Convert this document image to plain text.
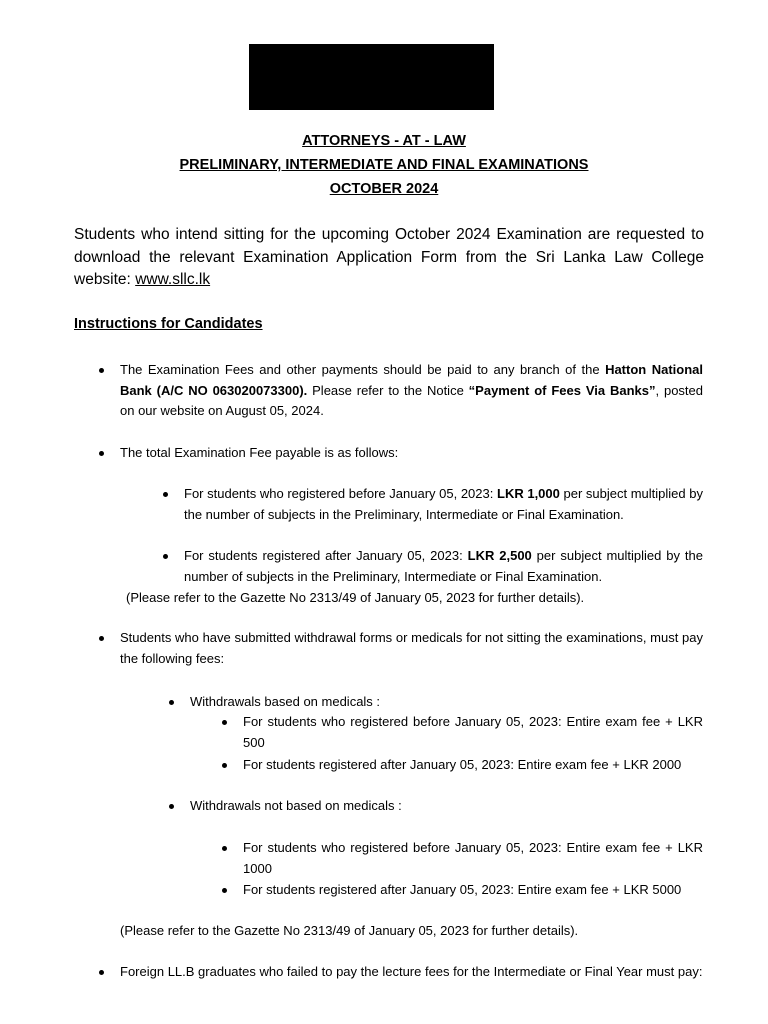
ATTORNEYS - AT - LAW
PRELIMINARY, INTERMEDIATE AND FINAL EXAMINATIONS
OCTOBER 2024
Students who intend sitting for the upcoming October 2024 Examination are requested to download the relevant Examination Application Form from the Sri Lanka Law College website: www.sllc.lk
Instructions for Candidates
The Examination Fees and other payments should be paid to any branch of the Hatton National Bank (A/C NO 063020073300). Please refer to the Notice “Payment of Fees Via Banks”, posted on our website on August 05, 2024.
The total Examination Fee payable is as follows:
For students who registered before January 05, 2023: LKR 1,000 per subject multiplied by the number of subjects in the Preliminary, Intermediate or Final Examination.
For students registered after January 05, 2023: LKR 2,500 per subject multiplied by the number of subjects in the Preliminary, Intermediate or Final Examination.
(Please refer to the Gazette No 2313/49 of January 05, 2023 for further details).
Students who have submitted withdrawal forms or medicals for not sitting the examinations, must pay the following fees:
Withdrawals based on medicals :
For students who registered before January 05, 2023: Entire exam fee + LKR 500
For students registered after January 05, 2023: Entire exam fee + LKR 2000
Withdrawals not based on medicals :
For students who registered before January 05, 2023: Entire exam fee + LKR 1000
For students registered after January 05, 2023: Entire exam fee + LKR 5000
(Please refer to the Gazette No 2313/49 of January 05, 2023 for further details).
Foreign LL.B graduates who failed to pay the lecture fees for the Intermediate or Final Year must pay:
